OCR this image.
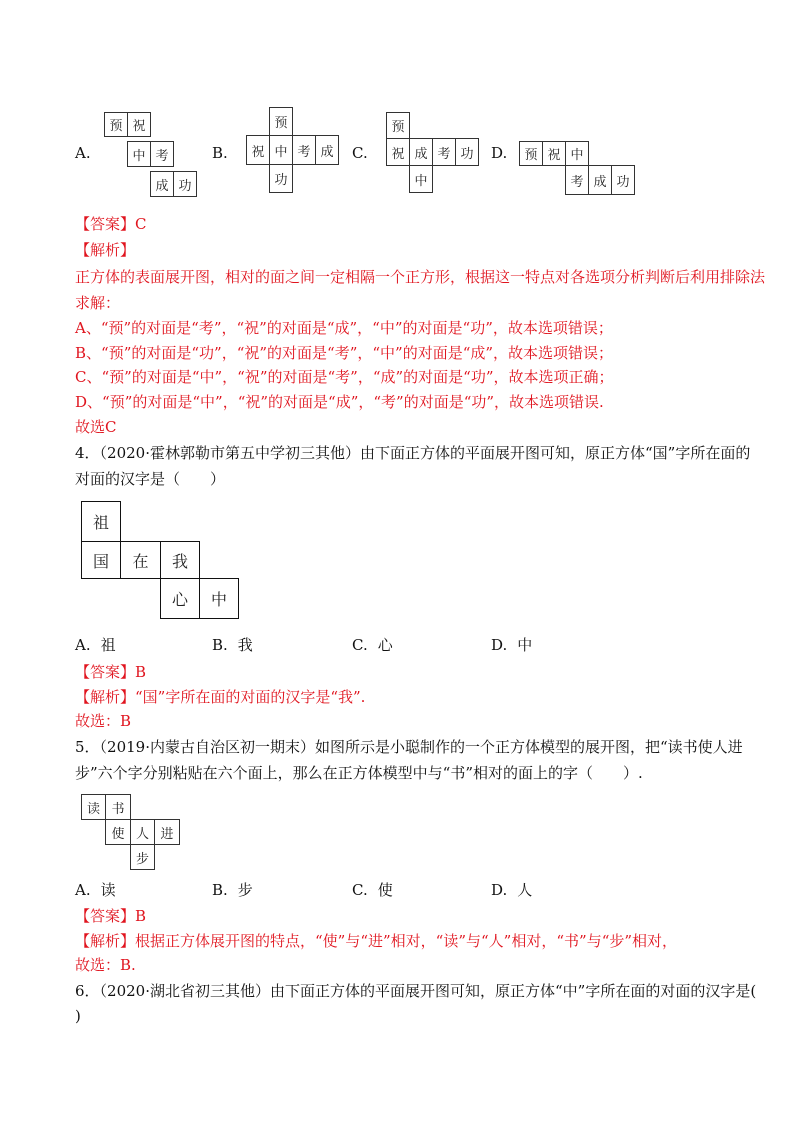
A.
预 祝
中 考
成 功
B.
预
祝 中 考 成
功
C.
预
祝 成 考 功
中
D.	预 祝 中
考 成 功
【答案】C
【解析】
正方体的表面展开图，相对的面之间一定相隔一个正方形，根据这一特点对各选项分析判断后利用排除法
求解：
A、“预”的对面是“考”，“祝”的对面是“成”，“中”的对面是“功”，故本选项错误；
B、“预”的对面是“功”，“祝”的对面是“考”，“中”的对面是“成”，故本选项错误；
C、“预”的对面是“中”，“祝”的对面是“考”，“成”的对面是“功”，故本选项正确；
D、“预”的对面是“中”，“祝”的对面是“成”，“考”的对面是“功”，故本选项错误.
故选C
4．（2020·霍林郭勒市第五中学初三其他）由下面正方体的平面展开图可知，原正方体“国”字所在面的
对面的汉字是（　　）
祖
国	在	我
心	中
A. 祖	B. 我	C. 心	D. 中
【答案】B
【解析】“国”字所在面的对面的汉字是“我”.
故选：B
5．（2019·内蒙古自治区初一期末）如图所示是小聪制作的一个正方体模型的展开图，把“读书使人进
步”六个字分别粘贴在六个面上，那么在正方体模型中与“书”相对的面上的字（　　）.
读 书
使 人 进
步
A. 读	B. 步	C. 使	D. 人
【答案】B
【解析】根据正方体展开图的特点，“使”与“进”相对，“读”与“人”相对，“书”与“步”相对，
故选：B.
6．（2020·湖北省初三其他）由下面正方体的平面展开图可知，原正方体“中”字所在面的对面的汉字是(
)
